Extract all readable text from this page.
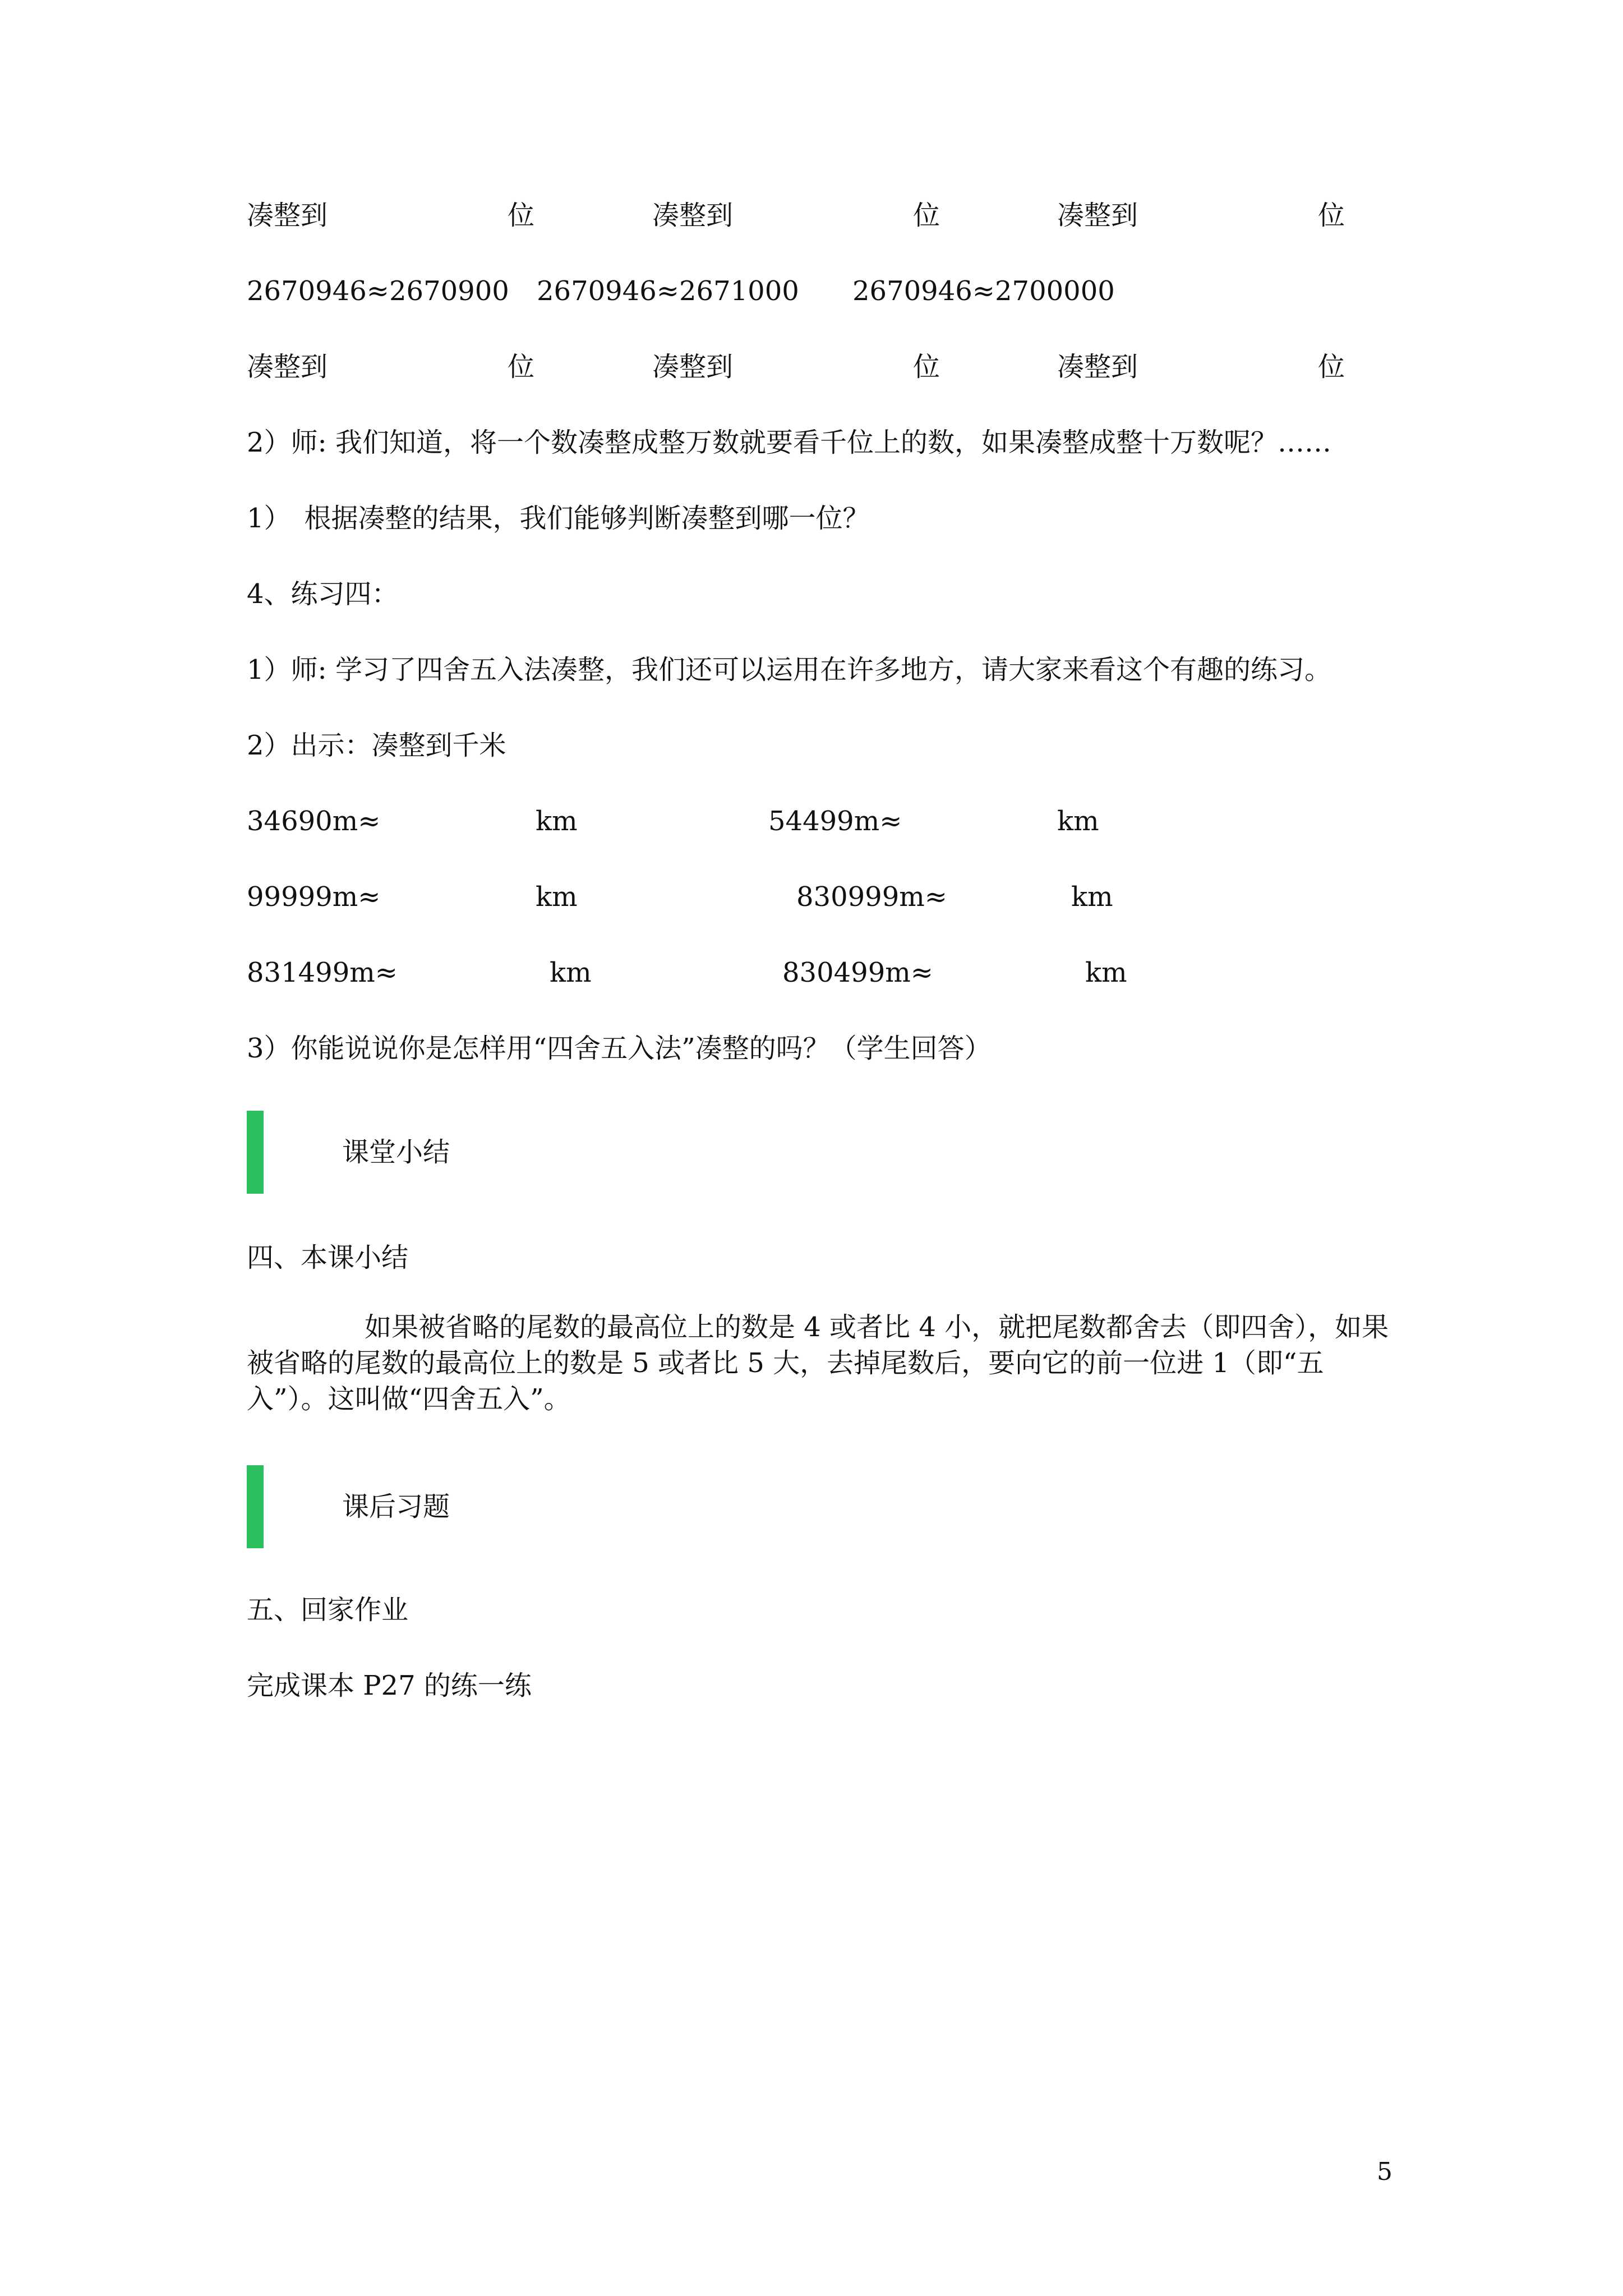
凑整到	位	凑整到	位	凑整到	位
2670946≈2670900 2670946≈2671000 2670946≈2700000
凑整到	位	凑整到	位	凑整到	位
2）师: 我们知道，将一个数凑整成整万数就要看千位上的数，如果凑整成整十万数呢？……
1）　根据凑整的结果，我们能够判断凑整到哪一位？
4、练习四：
1）师: 学习了四舍五入法凑整，我们还可以运用在许多地方，请大家来看这个有趣的练习。
2）出示：凑整到千米
34690m≈	km	54499m≈	km
99999m≈	km	830999m≈	km
831499m≈	km	830499m≈	km
3）你能说说你是怎样用“四舍五入法”凑整的吗？（学生回答）
课堂小结
四、本课小结
如果被省略的尾数的最高位上的数是 4 或者比 4 小，就把尾数都舍去（即四舍），如果被省略的尾数的最高位上的数是 5 或者比 5 大，去掉尾数后，要向它的前一位进 1（即“五入”）。这叫做“四舍五入”。
课后习题
五、回家作业
完成课本 P27 的练一练
5
